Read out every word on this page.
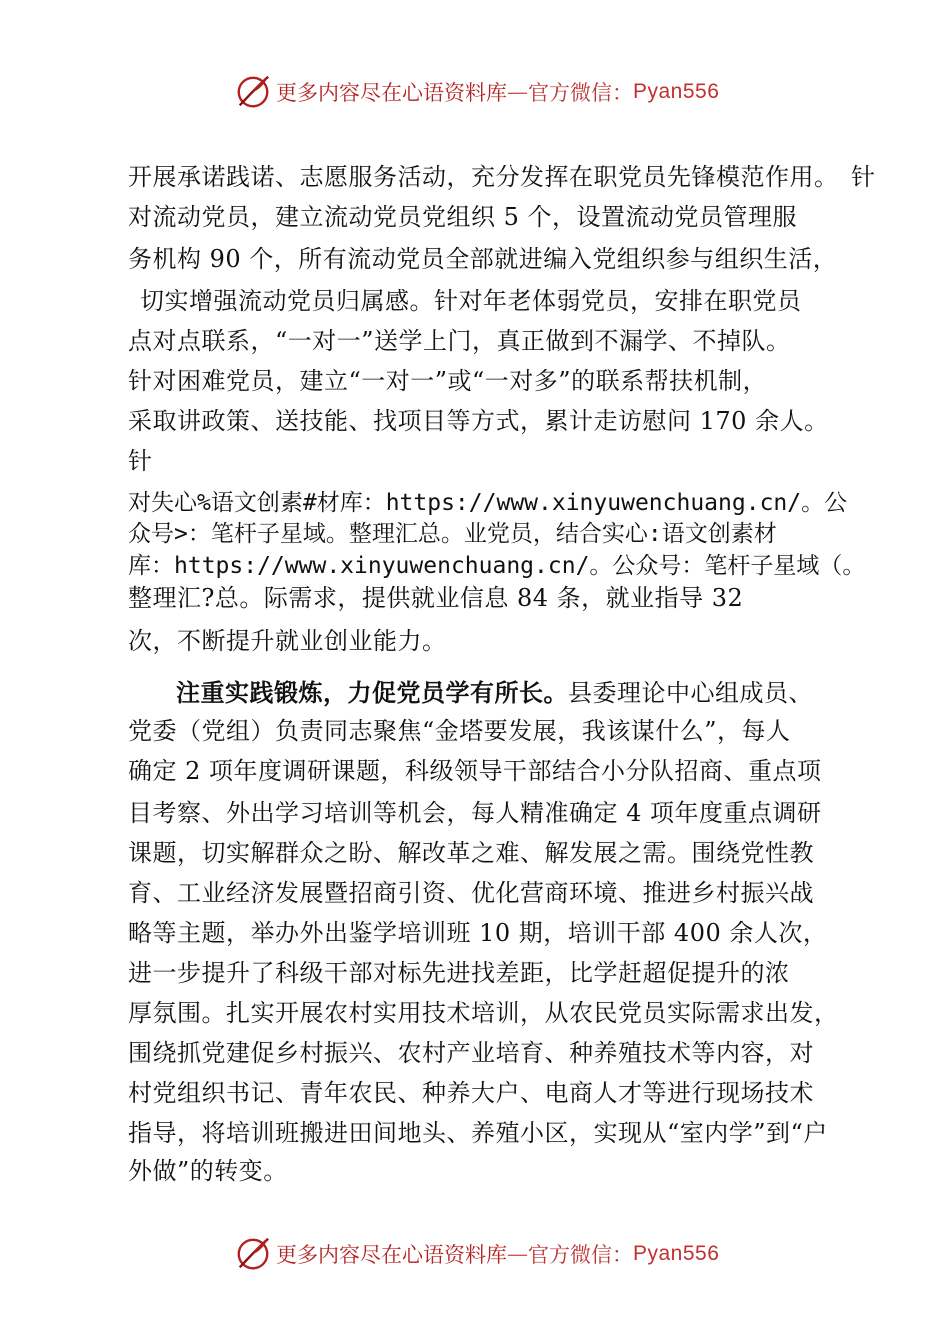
更多内容尽在心语资料库 — 官方微信： Pyan556
开展承诺践诺、志愿服务活动，充分发挥在职党员先锋模范作用。　针
对流动党员，建立流动党员党组织 5 个，设置流动党员管理服
务机构 90 个，所有流动党员全部就进编入党组织参与组织生活，
切实增强流动党员归属感。针对年老体弱党员，安排在职党员
点对点联系，“一对一”送学上门，真正做到不漏学、不掉队。
针对困难党员，建立“一对一”或“一对多”的联系帮扶机制，
采取讲政策、送技能、找项目等方式，累计走访慰问 170 余人。
针
对失心%语文创素#材库：https://www.xinyuwenchuang.cn/。公
众号>：笔杆子星域。整理汇总。业党员，结合实心:语文创素材
库：https://www.xinyuwenchuang.cn/。公众号：笔杆子星域（。
整理汇?总。际需求，提供就业信息 84 条，就业指导 32
次，不断提升就业创业能力。
注重实践锻炼，力促党员学有所长。县委理论中心组成员、
党委（党组）负责同志聚焦“金塔要发展，我该谋什么”，每人
确定 2 项年度调研课题，科级领导干部结合小分队招商、重点项
目考察、外出学习培训等机会，每人精准确定 4 项年度重点调研
课题，切实解群众之盼、解改革之难、解发展之需。围绕党性教
育、工业经济发展暨招商引资、优化营商环境、推进乡村振兴战
略等主题，举办外出鉴学培训班 10 期，培训干部 400 余人次，
进一步提升了科级干部对标先进找差距，比学赶超促提升的浓
厚氛围。扎实开展农村实用技术培训，从农民党员实际需求出发，
围绕抓党建促乡村振兴、农村产业培育、种养殖技术等内容，对
村党组织书记、青年农民、种养大户、电商人才等进行现场技术
指导，将培训班搬进田间地头、养殖小区，实现从“室内学”到“户
外做”的转变。
更多内容尽在心语资料库 — 官方微信： Pyan556
